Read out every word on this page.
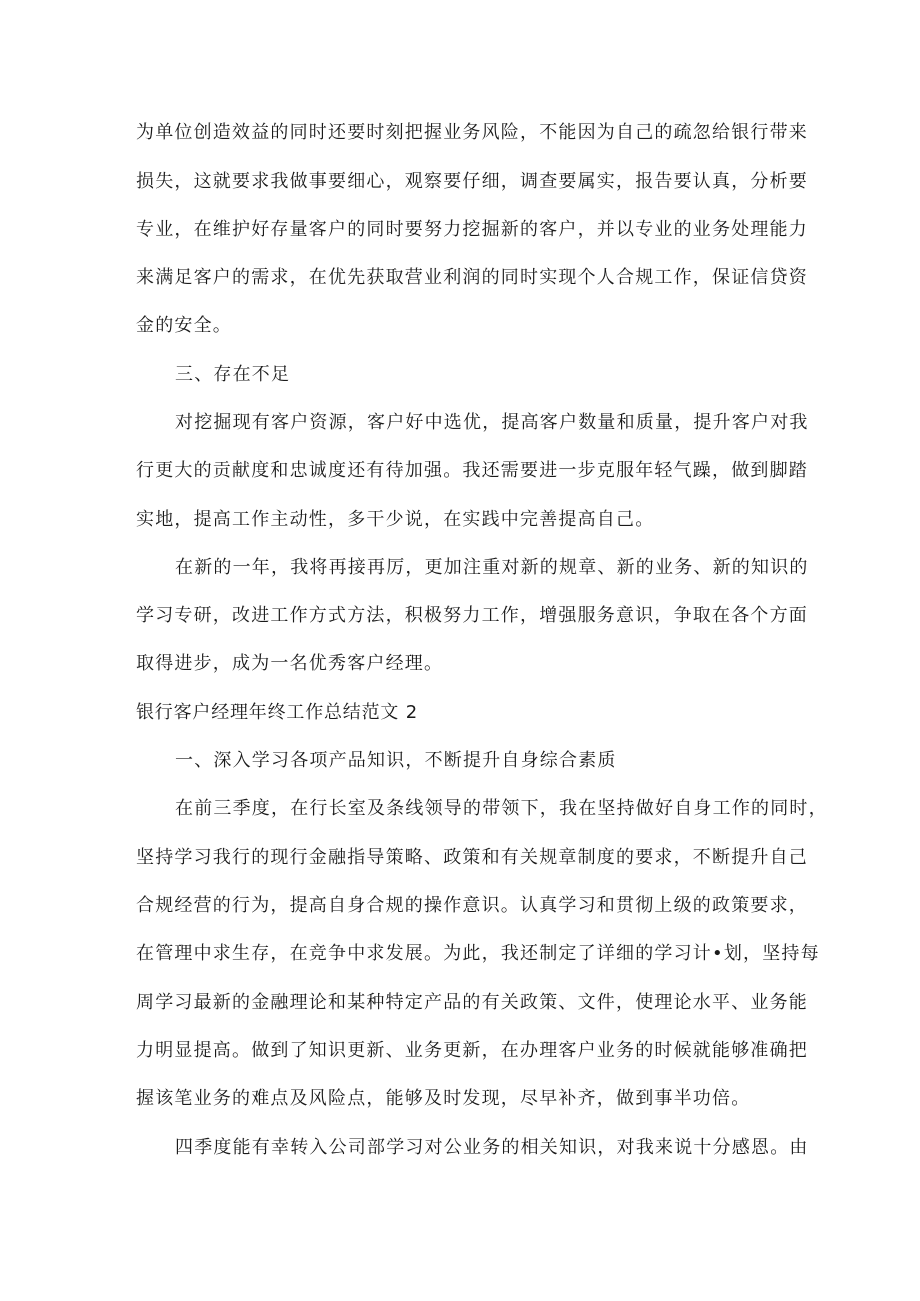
为单位创造效益的同时还要时刻把握业务风险，不能因为自己的疏忽给银行带来
损失，这就要求我做事要细心，观察要仔细，调查要属实，报告要认真，分析要
专业，在维护好存量客户的同时要努力挖掘新的客户，并以专业的业务处理能力
来满足客户的需求，在优先获取营业利润的同时实现个人合规工作，保证信贷资
金的安全。
三、存在不足
对挖掘现有客户资源，客户好中选优，提高客户数量和质量，提升客户对我
行更大的贡献度和忠诚度还有待加强。我还需要进一步克服年轻气躁，做到脚踏
实地，提高工作主动性，多干少说，在实践中完善提高自己。
在新的一年，我将再接再厉，更加注重对新的规章、新的业务、新的知识的
学习专研，改进工作方式方法，积极努力工作，增强服务意识，争取在各个方面
取得进步，成为一名优秀客户经理。
银行客户经理年终工作总结范文 2
一、深入学习各项产品知识，不断提升自身综合素质
在前三季度，在行长室及条线领导的带领下，我在坚持做好自身工作的同时，
坚持学习我行的现行金融指导策略、政策和有关规章制度的要求，不断提升自己
合规经营的行为，提高自身合规的操作意识。认真学习和贯彻上级的政策要求，
在管理中求生存，在竞争中求发展。为此，我还制定了详细的学习计•划，坚持每
周学习最新的金融理论和某种特定产品的有关政策、文件，使理论水平、业务能
力明显提高。做到了知识更新、业务更新，在办理客户业务的时候就能够准确把
握该笔业务的难点及风险点，能够及时发现，尽早补齐，做到事半功倍。
四季度能有幸转入公司部学习对公业务的相关知识，对我来说十分感恩。由
